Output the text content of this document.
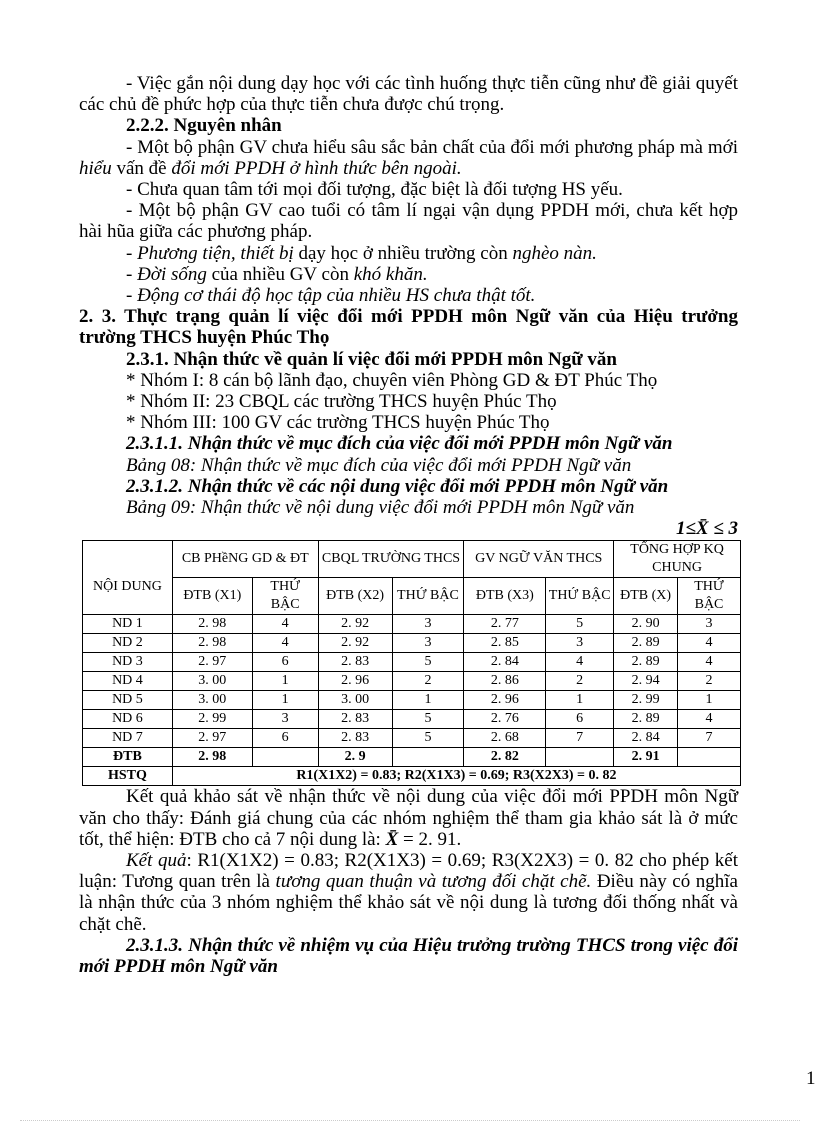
- Việc gắn nội dung dạy học với các tình huống thực tiễn cũng như đề giải quyết các chủ đề phức hợp của thực tiễn chưa được chú trọng.

2.2.2. Nguyên nhân

- Một bộ phận GV chưa hiểu sâu sắc bản chất của đổi mới phương pháp mà mới hiểu vấn đề đổi mới PPDH ở hình thức bên ngoài.

- Chưa quan tâm tới mọi đối tượng, đặc biệt là đối tượng HS yếu.

- Một bộ phận GV cao tuổi có tâm lí ngại vận dụng PPDH mới, chưa kết hợp hài hũa giữa các phương pháp.

- Phương tiện, thiết bị dạy học ở nhiều trường còn nghèo nàn.

- Đời sống của nhiều GV còn khó khăn.

- Động cơ thái độ học tập của nhiều HS chưa thật tốt.

2. 3. Thực trạng quản lí việc đổi mới PPDH môn Ngữ văn của Hiệu trưởng trường THCS huyện Phúc Thọ

2.3.1. Nhận thức về quản lí việc đổi mới PPDH môn Ngữ văn

* Nhóm I: 8 cán bộ lãnh đạo, chuyên viên Phòng GD & ĐT Phúc Thọ

* Nhóm II: 23 CBQL các trường THCS huyện Phúc Thọ

* Nhóm III: 100 GV các trường THCS huyện Phúc Thọ

2.3.1.1. Nhận thức về mục đích của việc đổi mới PPDH môn Ngữ văn

Bảng 08: Nhận thức về mục đích của việc đổi mới PPDH Ngữ văn

2.3.1.2. Nhận thức về các nội dung việc đổi mới PPDH môn Ngữ văn

Bảng 09: Nhận thức về nội dung việc đổi mới PPDH môn Ngữ văn

1≤X̄ ≤ 3

NỘI DUNG	CB PHềNG GD & ĐT		CBQL TRƯỜNG THCS		GV NGỮ VĂN THCS		TỔNG HỢP KQ CHUNG	
	ĐTB (X1)	THỨ BẬC	ĐTB (X2)	THỨ BẬC	ĐTB (X3)	THỨ BẬC	ĐTB (X)	THỨ BẬC
ND 1	2. 98	4	2. 92	3	2. 77	5	2. 90	3
ND 2	2. 98	4	2. 92	3	2. 85	3	2. 89	4
ND 3	2. 97	6	2. 83	5	2. 84	4	2. 89	4
ND 4	3. 00	1	2. 96	2	2. 86	2	2. 94	2
ND 5	3. 00	1	3. 00	1	2. 96	1	2. 99	1
ND 6	2. 99	3	2. 83	5	2. 76	6	2. 89	4
ND 7	2. 97	6	2. 83	5	2. 68	7	2. 84	7
ĐTB	2. 98		2. 9		2. 82		2. 91	
HSTQ	R1(X1X2) = 0.83; R2(X1X3) = 0.69; R3(X2X3) = 0. 82							

Kết quả khảo sát về nhận thức về nội dung của việc đổi mới PPDH môn Ngữ văn cho thấy: Đánh giá chung của các nhóm nghiệm thể tham gia khảo sát là ở mức tốt, thể hiện: ĐTB cho cả 7 nội dung là: X̄ = 2. 91.

Kết quả: R1(X1X2) = 0.83; R2(X1X3) = 0.69; R3(X2X3) = 0. 82 cho phép kết luận: Tương quan trên là tương quan thuận và tương đối chặt chẽ. Điều này có nghĩa là nhận thức của 3 nhóm nghiệm thể khảo sát về nội dung là tương đối thống nhất và chặt chẽ.

2.3.1.3. Nhận thức về nhiệm vụ của Hiệu trưởng trường THCS trong việc đổi mới PPDH môn Ngữ văn

1
